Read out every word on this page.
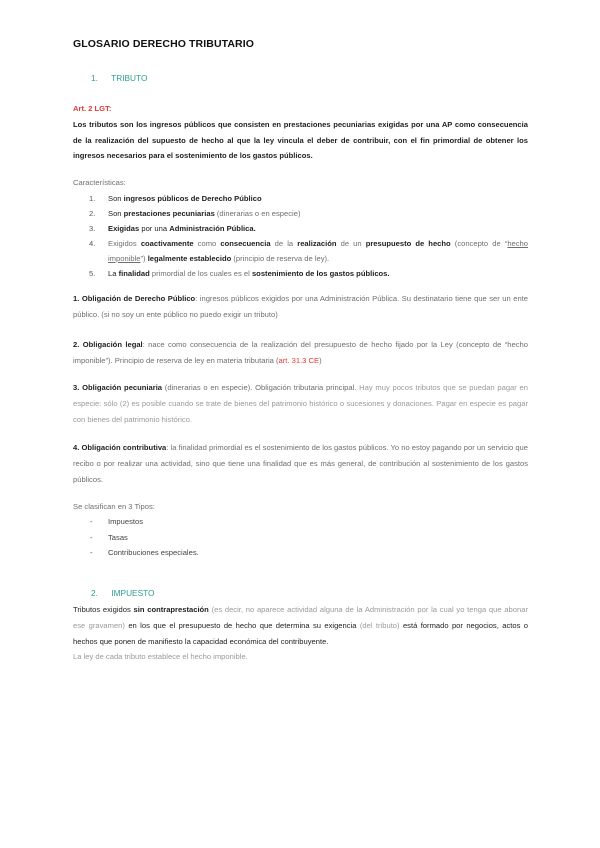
GLOSARIO DERECHO TRIBUTARIO
1. TRIBUTO
Art. 2 LGT:
Los tributos son los ingresos públicos que consisten en prestaciones pecuniarias exigidas por una AP como consecuencia de la realización del supuesto de hecho al que la ley vincula el deber de contribuir, con el fin primordial de obtener los ingresos necesarios para el sostenimiento de los gastos públicos.
Características:
1. Son ingresos públicos de Derecho Público
2. Son prestaciones pecuniarias (dinerarias o en especie)
3. Exigidas por una Administración Pública.
4. Exigidos coactivamente como consecuencia de la realización de un presupuesto de hecho (concepto de “hecho imponible”) legalmente establecido (principio de reserva de ley).
5. La finalidad primordial de los cuales es el sostenimiento de los gastos públicos.
1. Obligación de Derecho Público: ingresos públicos exigidos por una Administración Pública. Su destinatario tiene que ser un ente público. (si no soy un ente público no puedo exigir un tributo)
2. Obligación legal: nace como consecuencia de la realización del presupuesto de hecho fijado por la Ley (concepto de “hecho imponible”). Principio de reserva de ley en materia tributaria (art. 31.3 CE)
3. Obligación pecuniaria (dinerarias o en especie). Obligación tributaria principal. Hay muy pocos tributos que se puedan pagar en especie: sólo (2) es posible cuando se trate de bienes del patrimonio histórico o sucesiones y donaciones. Pagar en especie es pagar con bienes del patrimonio histórico.
4. Obligación contributiva: la finalidad primordial es el sostenimiento de los gastos públicos. Yo no estoy pagando por un servicio que recibo o por realizar una actividad, sino que tiene una finalidad que es más general, de contribución al sostenimiento de los gastos públicos.
Se clasifican en 3 Tipos:
- Impuestos
- Tasas
- Contribuciones especiales.
2. IMPUESTO
Tributos exigidos sin contraprestación (es decir, no aparece actividad alguna de la Administración por la cual yo tenga que abonar ese gravamen) en los que el presupuesto de hecho que determina su exigencia (del tributo) está formado por negocios, actos o hechos que ponen de manifiesto la capacidad económica del contribuyente.
La ley de cada tributo establece el hecho imponible.
